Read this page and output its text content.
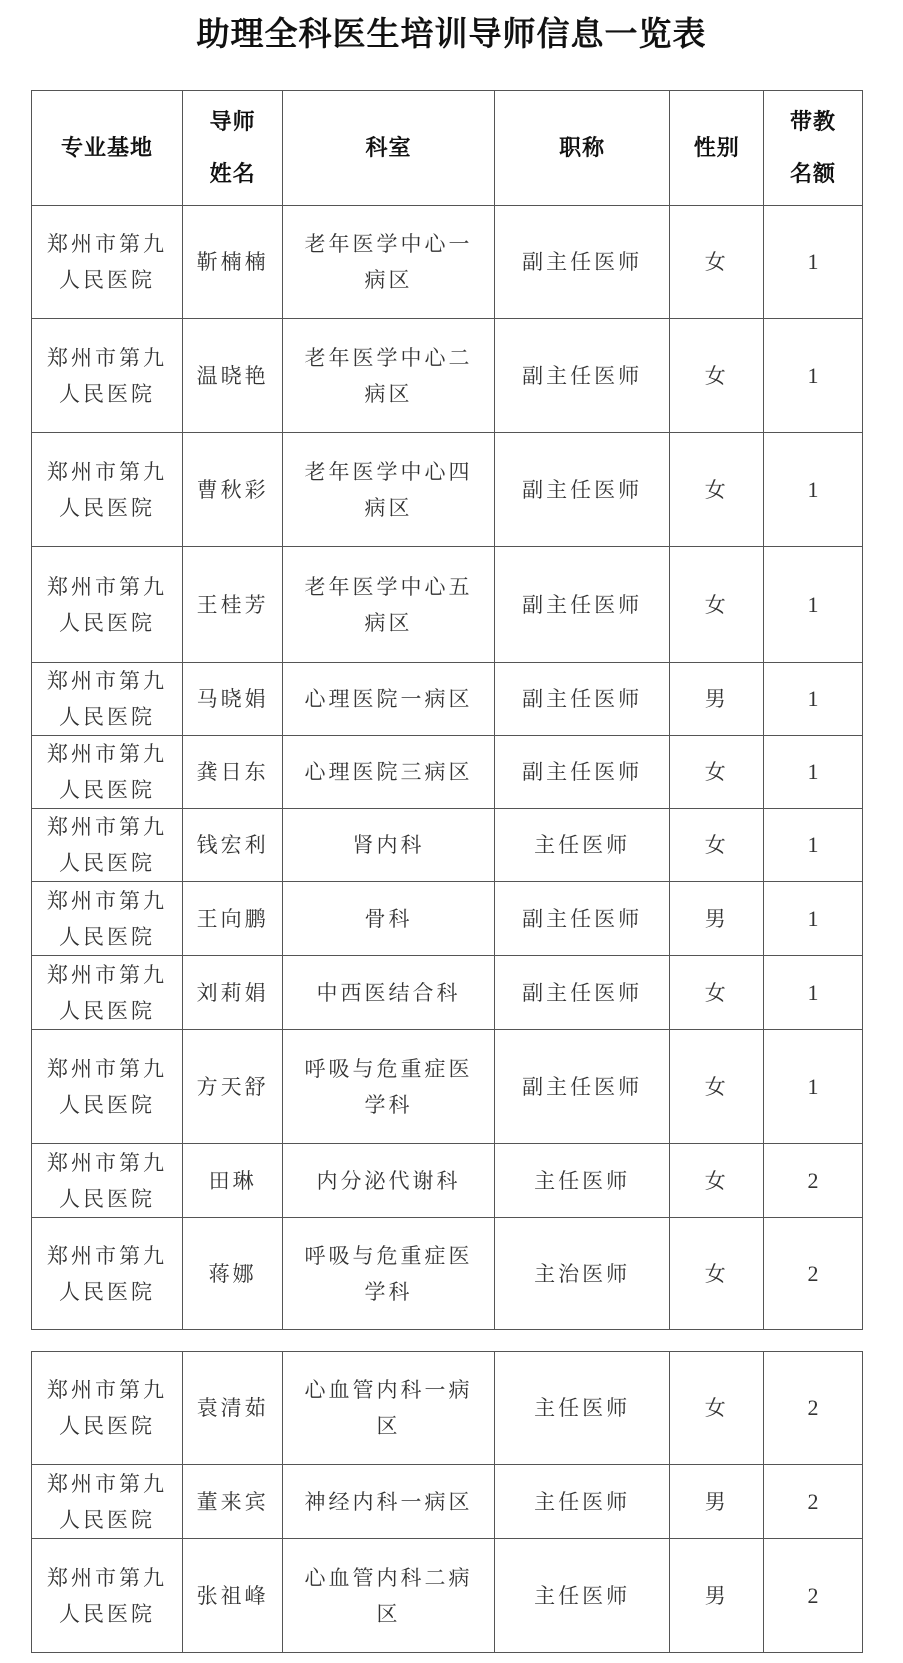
助理全科医生培训导师信息一览表
专业基地	导师姓名	科室	职称	性别	带教名额
郑州市第九人民医院	靳楠楠	老年医学中心一病区	副主任医师	女	1
郑州市第九人民医院	温晓艳	老年医学中心二病区	副主任医师	女	1
郑州市第九人民医院	曹秋彩	老年医学中心四病区	副主任医师	女	1
郑州市第九人民医院	王桂芳	老年医学中心五病区	副主任医师	女	1
郑州市第九人民医院	马晓娟	心理医院一病区	副主任医师	男	1
郑州市第九人民医院	龚日东	心理医院三病区	副主任医师	女	1
郑州市第九人民医院	钱宏利	肾内科	主任医师	女	1
郑州市第九人民医院	王向鹏	骨科	副主任医师	男	1
郑州市第九人民医院	刘莉娟	中西医结合科	副主任医师	女	1
郑州市第九人民医院	方天舒	呼吸与危重症医学科	副主任医师	女	1
郑州市第九人民医院	田琳	内分泌代谢科	主任医师	女	2
郑州市第九人民医院	蒋娜	呼吸与危重症医学科	主治医师	女	2
郑州市第九人民医院	袁清茹	心血管内科一病区	主任医师	女	2
郑州市第九人民医院	董来宾	神经内科一病区	主任医师	男	2
郑州市第九人民医院	张祖峰	心血管内科二病区	主任医师	男	2
